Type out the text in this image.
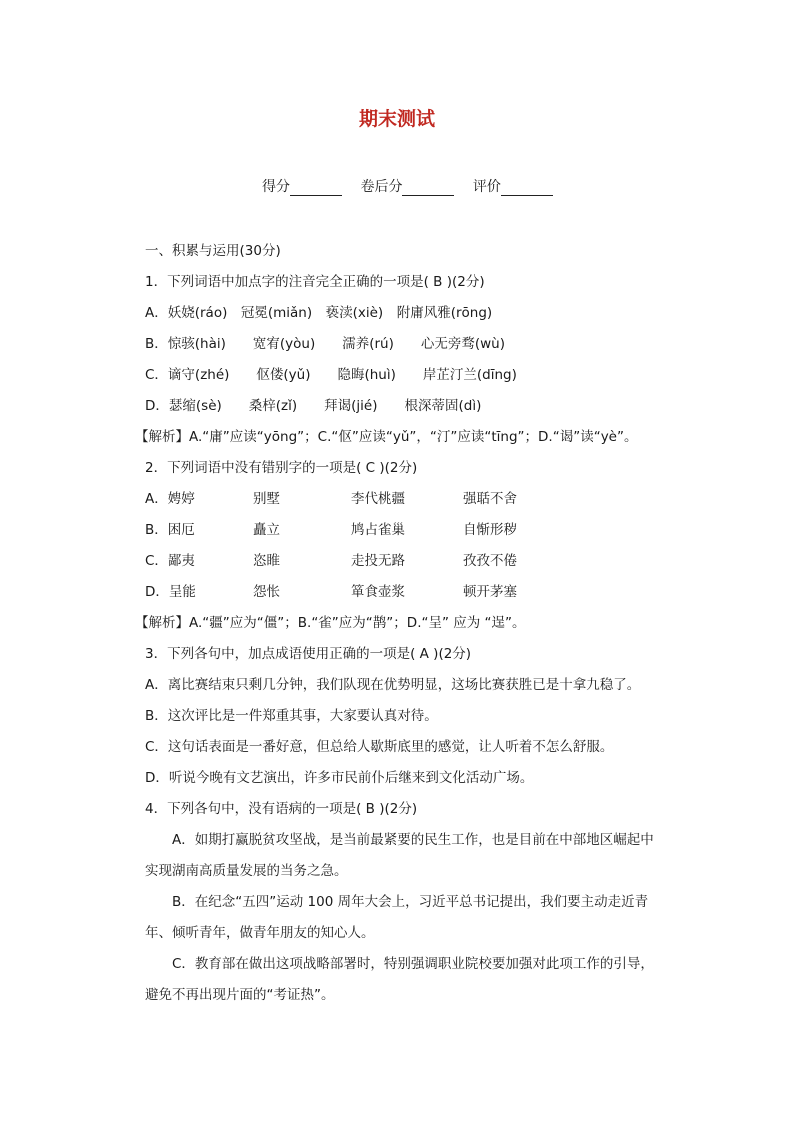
期末测试
得分	卷后分	评价
一、积累与运用(30分)
1．下列词语中加点字的注音完全正确的一项是( B )(2分)
A．妖娆(ráo)　冠冕(miǎn)　亵渎(xiè)　附庸风雅(rōng)
B．惊骇(hài)　　宽宥(yòu)　　濡养(rú)　　心无旁骛(wù)
C．谪守(zhé)　　伛偻(yǔ)　　隐晦(huì)　　岸芷汀兰(dīng)
D．瑟缩(sè)　　桑梓(zǐ)　　拜谒(jié)　　根深蒂固(dì)
【解析】A.“庸”应读“yōng”；C.“伛”应读“yǔ”，“汀”应读“tīng”；D.“谒”读“yè”。
2．下列词语中没有错别字的一项是( C )(2分)
A．娉婷	别墅	李代桃疆	强聒不舍
B．困厄	矗立	鸠占雀巢	自惭形秽
C．鄙夷	恣睢	走投无路	孜孜不倦
D．呈能	怨怅	箪食壶浆	顿开茅塞
【解析】A.“疆”应为“僵”；B.“雀”应为“鹊”；D.“呈” 应为 “逞”。
3．下列各句中，加点成语使用正确的一项是( A )(2分)
A．离比赛结束只剩几分钟，我们队现在优势明显，这场比赛获胜已是十拿九稳了。
B．这次评比是一件郑重其事，大家要认真对待。
C．这句话表面是一番好意，但总给人歇斯底里的感觉，让人听着不怎么舒服。
D．听说今晚有文艺演出，许多市民前仆后继来到文化活动广场。
4．下列各句中，没有语病的一项是( B )(2分)
A．如期打赢脱贫攻坚战，是当前最紧要的民生工作，也是目前在中部地区崛起中实现湖南高质量发展的当务之急。
B．在纪念“五四”运动 100 周年大会上，习近平总书记提出，我们要主动走近青年、倾听青年，做青年朋友的知心人。
C．教育部在做出这项战略部署时，特别强调职业院校要加强对此项工作的引导，避免不再出现片面的“考证热”。
